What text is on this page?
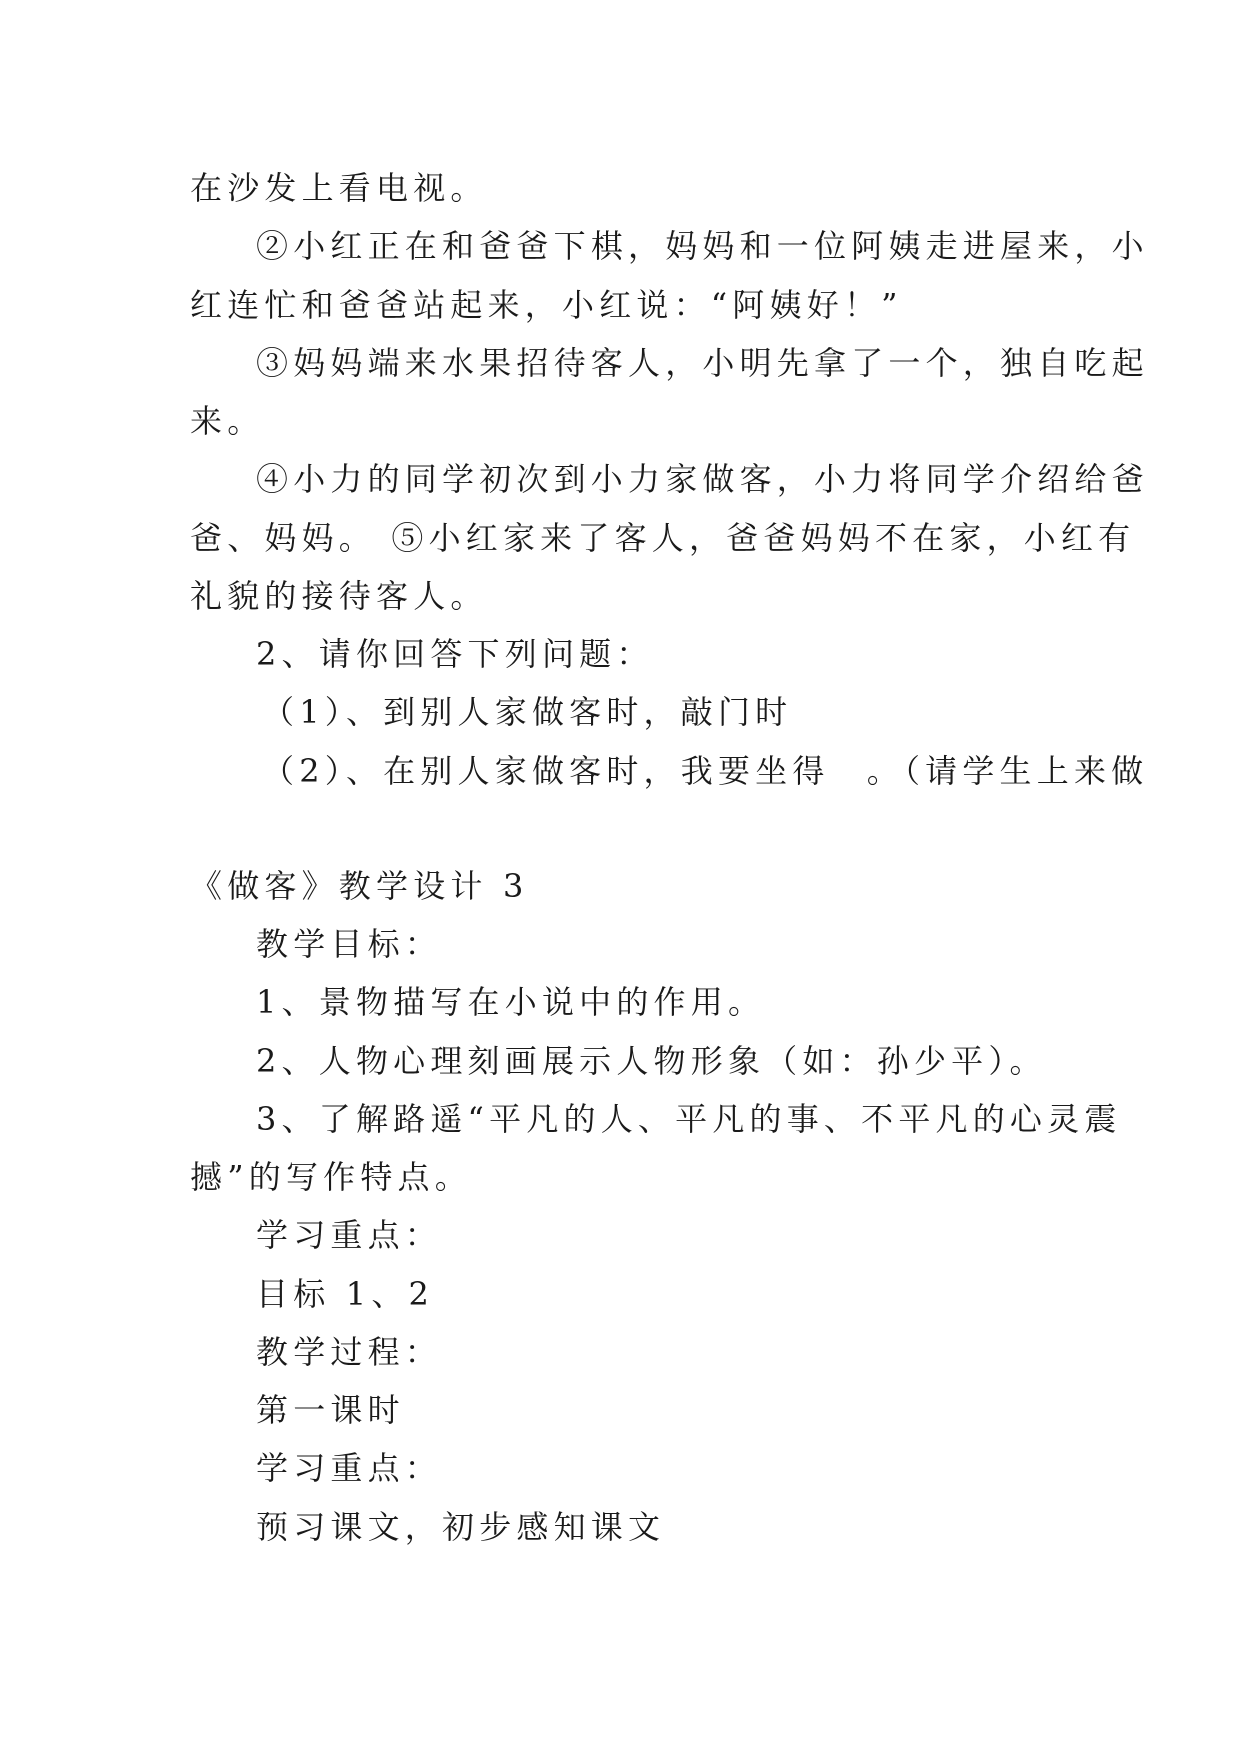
在沙发上看电视。
②小红正在和爸爸下棋，妈妈和一位阿姨走进屋来，小
红连忙和爸爸站起来，小红说：“阿姨好！”
③妈妈端来水果招待客人，小明先拿了一个，独自吃起
来。
④小力的同学初次到小力家做客，小力将同学介绍给爸
爸、妈妈。 ⑤小红家来了客人，爸爸妈妈不在家，小红有
礼貌的接待客人。
2、请你回答下列问题：
（1）、到别人家做客时，敲门时
（2）、在别人家做客时，我要坐得　。（请学生上来做
《做客》教学设计 3
教学目标：
1、景物描写在小说中的作用。
2、人物心理刻画展示人物形象（如：孙少平）。
3、了解路遥“平凡的人、平凡的事、不平凡的心灵震
撼”的写作特点。
学习重点：
目标 1、2
教学过程：
第一课时
学习重点：
预习课文，初步感知课文
